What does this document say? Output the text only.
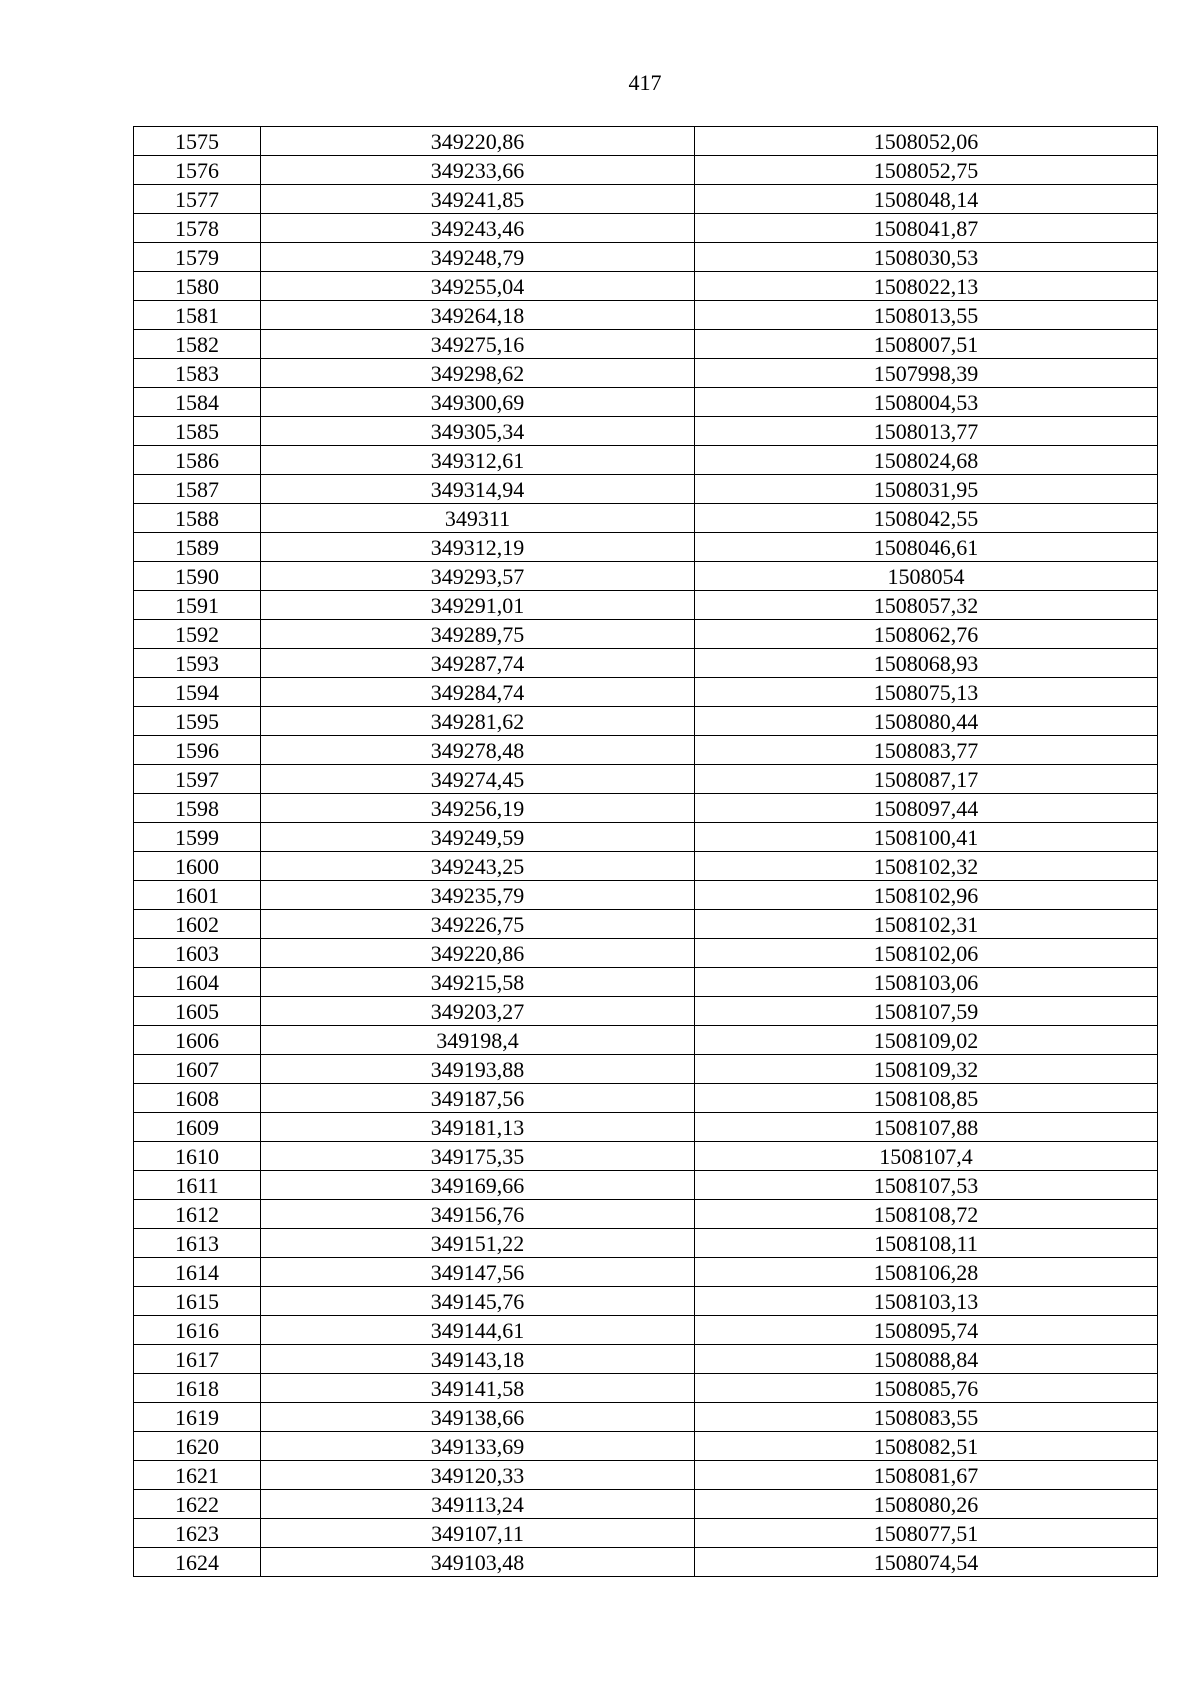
417
1575	349220,86	1508052,06
1576	349233,66	1508052,75
1577	349241,85	1508048,14
1578	349243,46	1508041,87
1579	349248,79	1508030,53
1580	349255,04	1508022,13
1581	349264,18	1508013,55
1582	349275,16	1508007,51
1583	349298,62	1507998,39
1584	349300,69	1508004,53
1585	349305,34	1508013,77
1586	349312,61	1508024,68
1587	349314,94	1508031,95
1588	349311	1508042,55
1589	349312,19	1508046,61
1590	349293,57	1508054
1591	349291,01	1508057,32
1592	349289,75	1508062,76
1593	349287,74	1508068,93
1594	349284,74	1508075,13
1595	349281,62	1508080,44
1596	349278,48	1508083,77
1597	349274,45	1508087,17
1598	349256,19	1508097,44
1599	349249,59	1508100,41
1600	349243,25	1508102,32
1601	349235,79	1508102,96
1602	349226,75	1508102,31
1603	349220,86	1508102,06
1604	349215,58	1508103,06
1605	349203,27	1508107,59
1606	349198,4	1508109,02
1607	349193,88	1508109,32
1608	349187,56	1508108,85
1609	349181,13	1508107,88
1610	349175,35	1508107,4
1611	349169,66	1508107,53
1612	349156,76	1508108,72
1613	349151,22	1508108,11
1614	349147,56	1508106,28
1615	349145,76	1508103,13
1616	349144,61	1508095,74
1617	349143,18	1508088,84
1618	349141,58	1508085,76
1619	349138,66	1508083,55
1620	349133,69	1508082,51
1621	349120,33	1508081,67
1622	349113,24	1508080,26
1623	349107,11	1508077,51
1624	349103,48	1508074,54
